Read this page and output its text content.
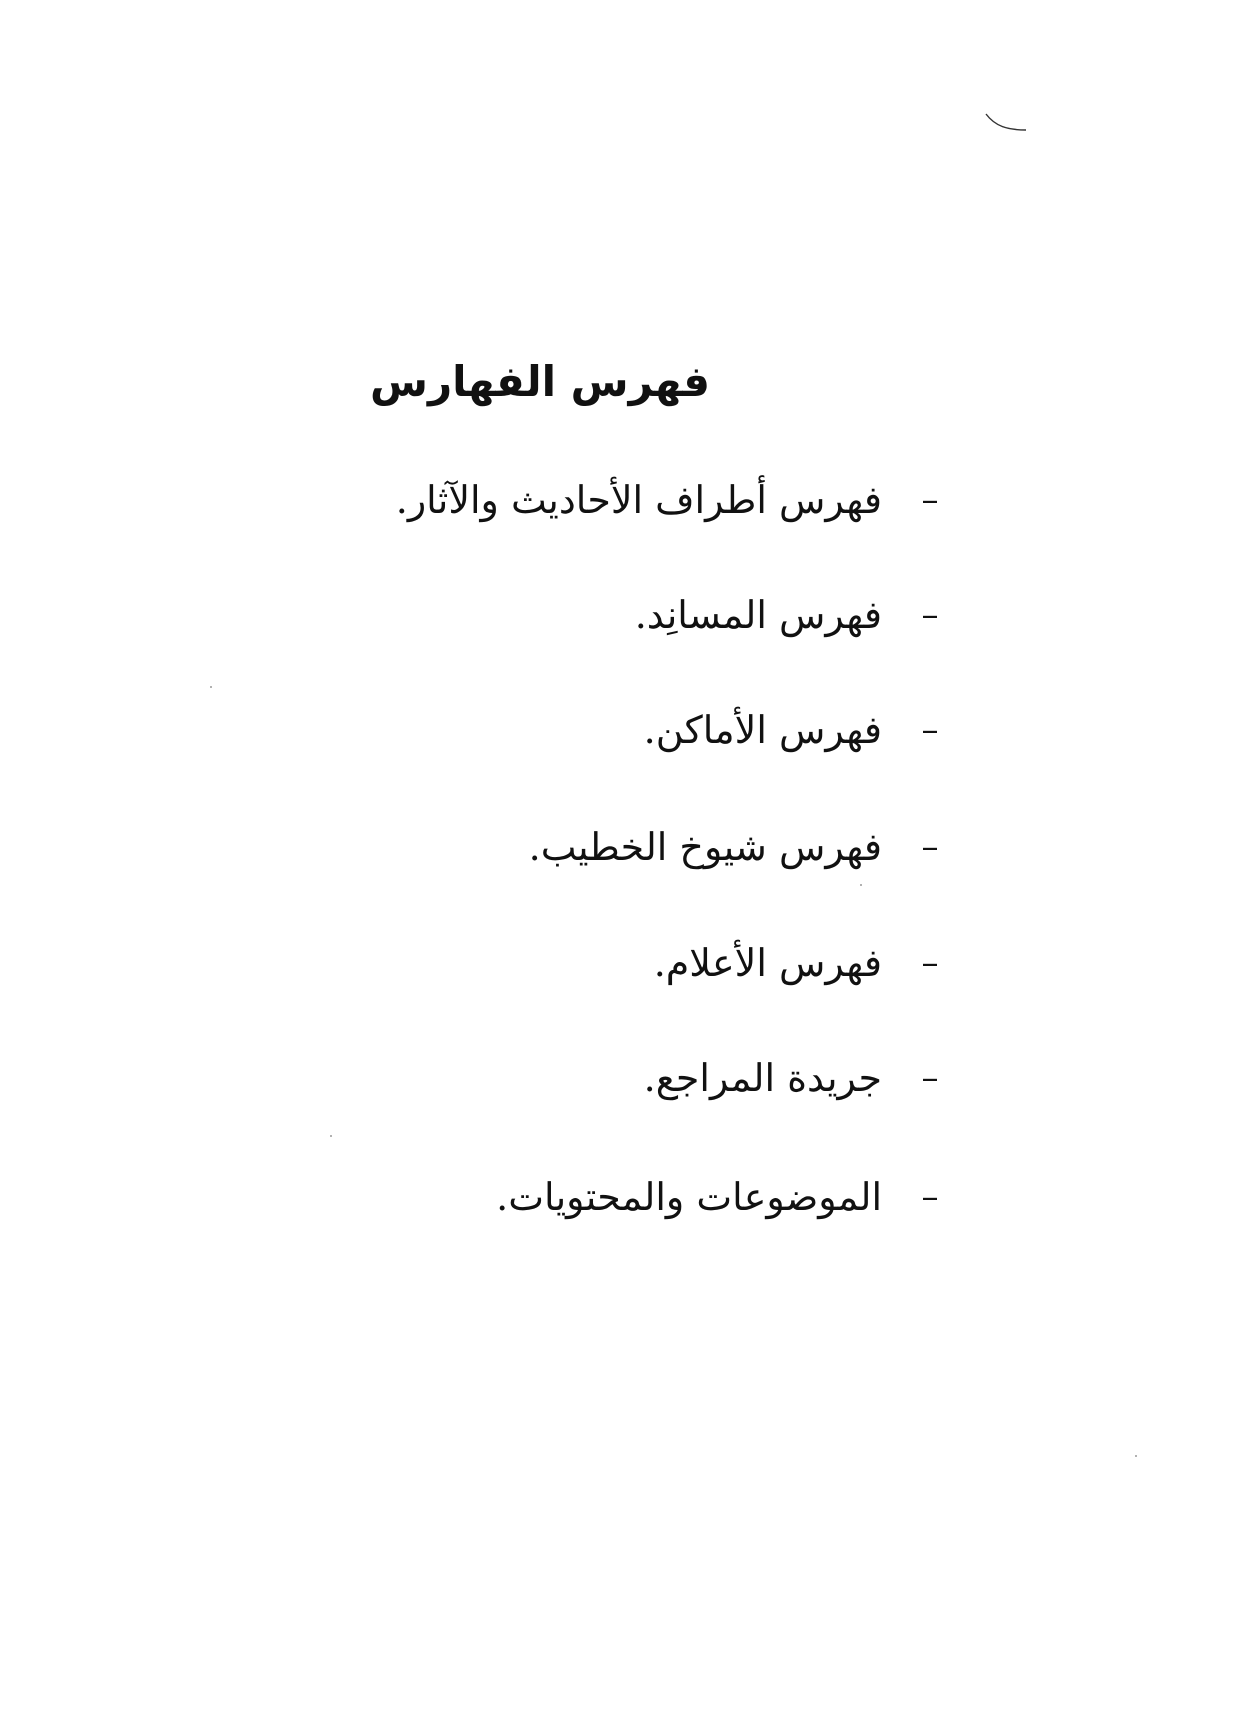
فهرس الفهارس
–
فهرس أطراف الأحاديث والآثار.
–
فهرس المسانِد.
–
فهرس الأماكن.
–
فهرس شيوخ الخطيب.
–
فهرس الأعلام.
–
جريدة المراجع.
–
الموضوعات والمحتويات.
